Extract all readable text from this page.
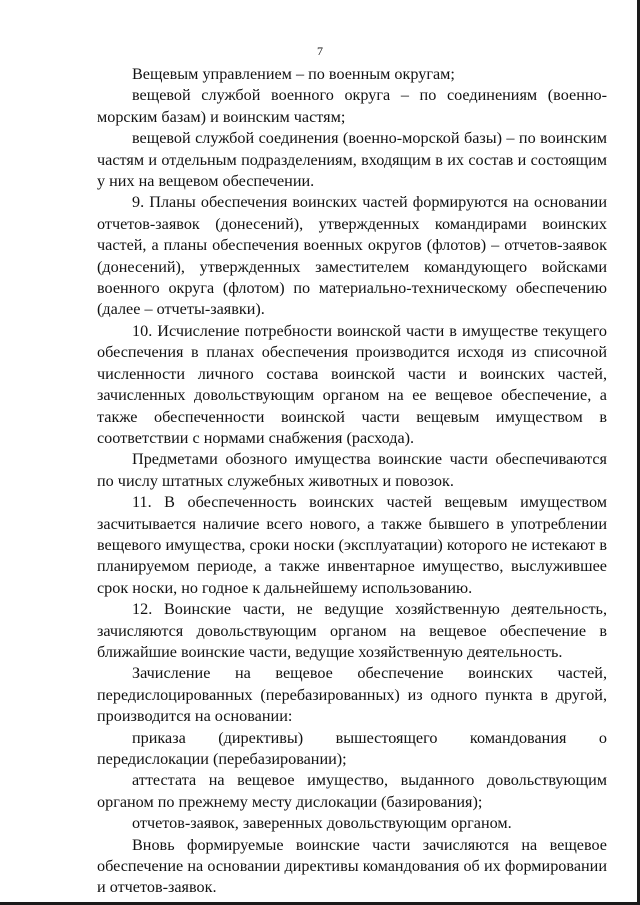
7

Вещевым управлением – по военным округам;

вещевой службой военного округа – по соединениям (военно-морским базам) и воинским частям;

вещевой службой соединения (военно-морской базы) – по воинским частям и отдельным подразделениям, входящим в их состав и состоящим у них на вещевом обеспечении.

9. Планы обеспечения воинских частей формируются на основании отчетов-заявок (донесений), утвержденных командирами воинских частей, а планы обеспечения военных округов (флотов) – отчетов-заявок (донесений), утвержденных заместителем командующего войсками военного округа (флотом) по материально-техническому обеспечению (далее – отчеты-заявки).

10. Исчисление потребности воинской части в имуществе текущего обеспечения в планах обеспечения производится исходя из списочной численности личного состава воинской части и воинских частей, зачисленных довольствующим органом на ее вещевое обеспечение, а также обеспеченности воинской части вещевым имуществом в соответствии с нормами снабжения (расхода).

Предметами обозного имущества воинские части обеспечиваются по числу штатных служебных животных и повозок.

11. В обеспеченность воинских частей вещевым имуществом засчитывается наличие всего нового, а также бывшего в употреблении вещевого имущества, сроки носки (эксплуатации) которого не истекают в планируемом периоде, а также инвентарное имущество, выслужившее срок носки, но годное к дальнейшему использованию.

12. Воинские части, не ведущие хозяйственную деятельность, зачисляются довольствующим органом на вещевое обеспечение в ближайшие воинские части, ведущие хозяйственную деятельность.

Зачисление на вещевое обеспечение воинских частей, передислоцированных (перебазированных) из одного пункта в другой, производится на основании:

приказа (директивы) вышестоящего командования о передислокации (перебазировании);

аттестата на вещевое имущество, выданного довольствующим органом по прежнему месту дислокации (базирования);

отчетов-заявок, заверенных довольствующим органом.

Вновь формируемые воинские части зачисляются на вещевое обеспечение на основании директивы командования об их формировании и отчетов-заявок.
